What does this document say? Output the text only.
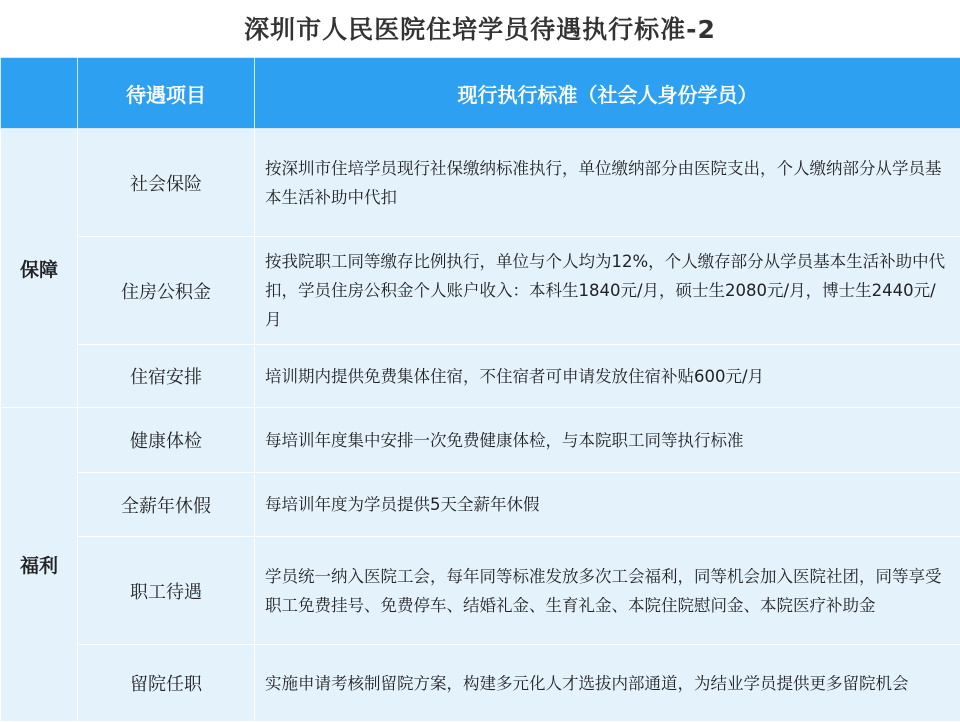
深圳市人民医院住培学员待遇执行标准-2
	待遇项目	现行执行标准（社会人身份学员）
保障	社会保险	按深圳市住培学员现行社保缴纳标准执行，单位缴纳部分由医院支出，个人缴纳部分从学员基本生活补助中代扣
	住房公积金	按我院职工同等缴存比例执行，单位与个人均为12%，个人缴存部分从学员基本生活补助中代扣，学员住房公积金个人账户收入：本科生1840元/月，硕士生2080元/月，博士生2440元/月
	住宿安排	培训期内提供免费集体住宿，不住宿者可申请发放住宿补贴600元/月
福利	健康体检	每培训年度集中安排一次免费健康体检，与本院职工同等执行标准
	全薪年休假	每培训年度为学员提供5天全薪年休假
	职工待遇	学员统一纳入医院工会，每年同等标准发放多次工会福利，同等机会加入医院社团，同等享受职工免费挂号、免费停车、结婚礼金、生育礼金、本院住院慰问金、本院医疗补助金
	留院任职	实施申请考核制留院方案，构建多元化人才选拔内部通道，为结业学员提供更多留院机会
